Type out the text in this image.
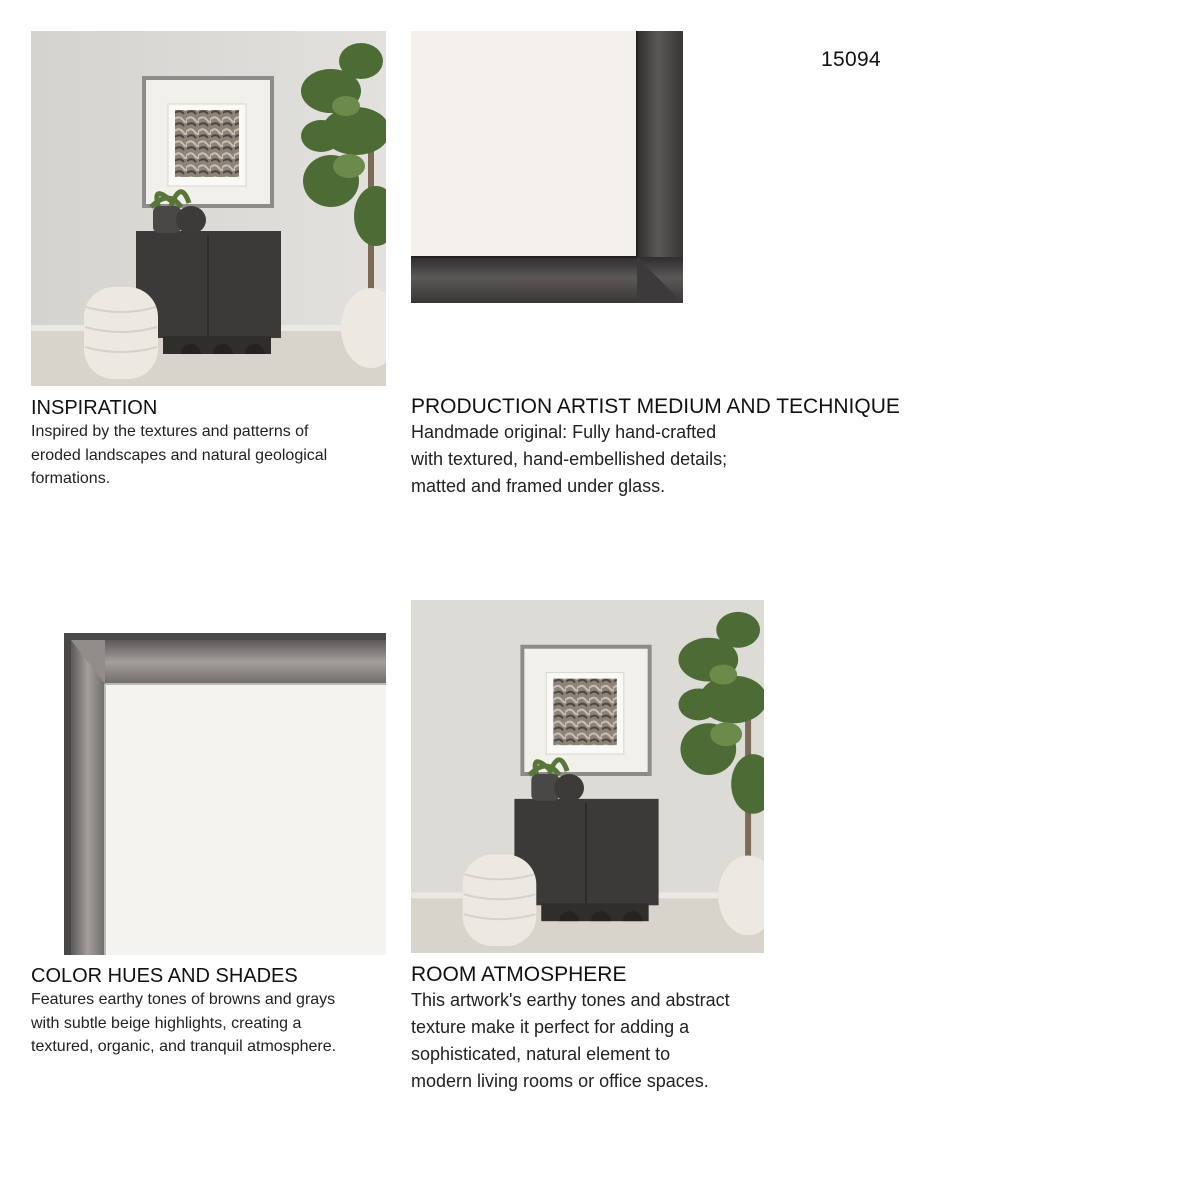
15094
INSPIRATION

Inspired by the textures and patterns of
eroded landscapes and natural geological
formations.

PRODUCTION ARTIST MEDIUM AND TECHNIQUE

Handmade original: Fully hand-crafted
with textured, hand-embellished details;
matted and framed under glass.

COLOR HUES AND SHADES

Features earthy tones of browns and grays
with subtle beige highlights, creating a
textured, organic, and tranquil atmosphere.

ROOM ATMOSPHERE

This artwork's earthy tones and abstract
texture make it perfect for adding a
sophisticated, natural element to
modern living rooms or office spaces.
